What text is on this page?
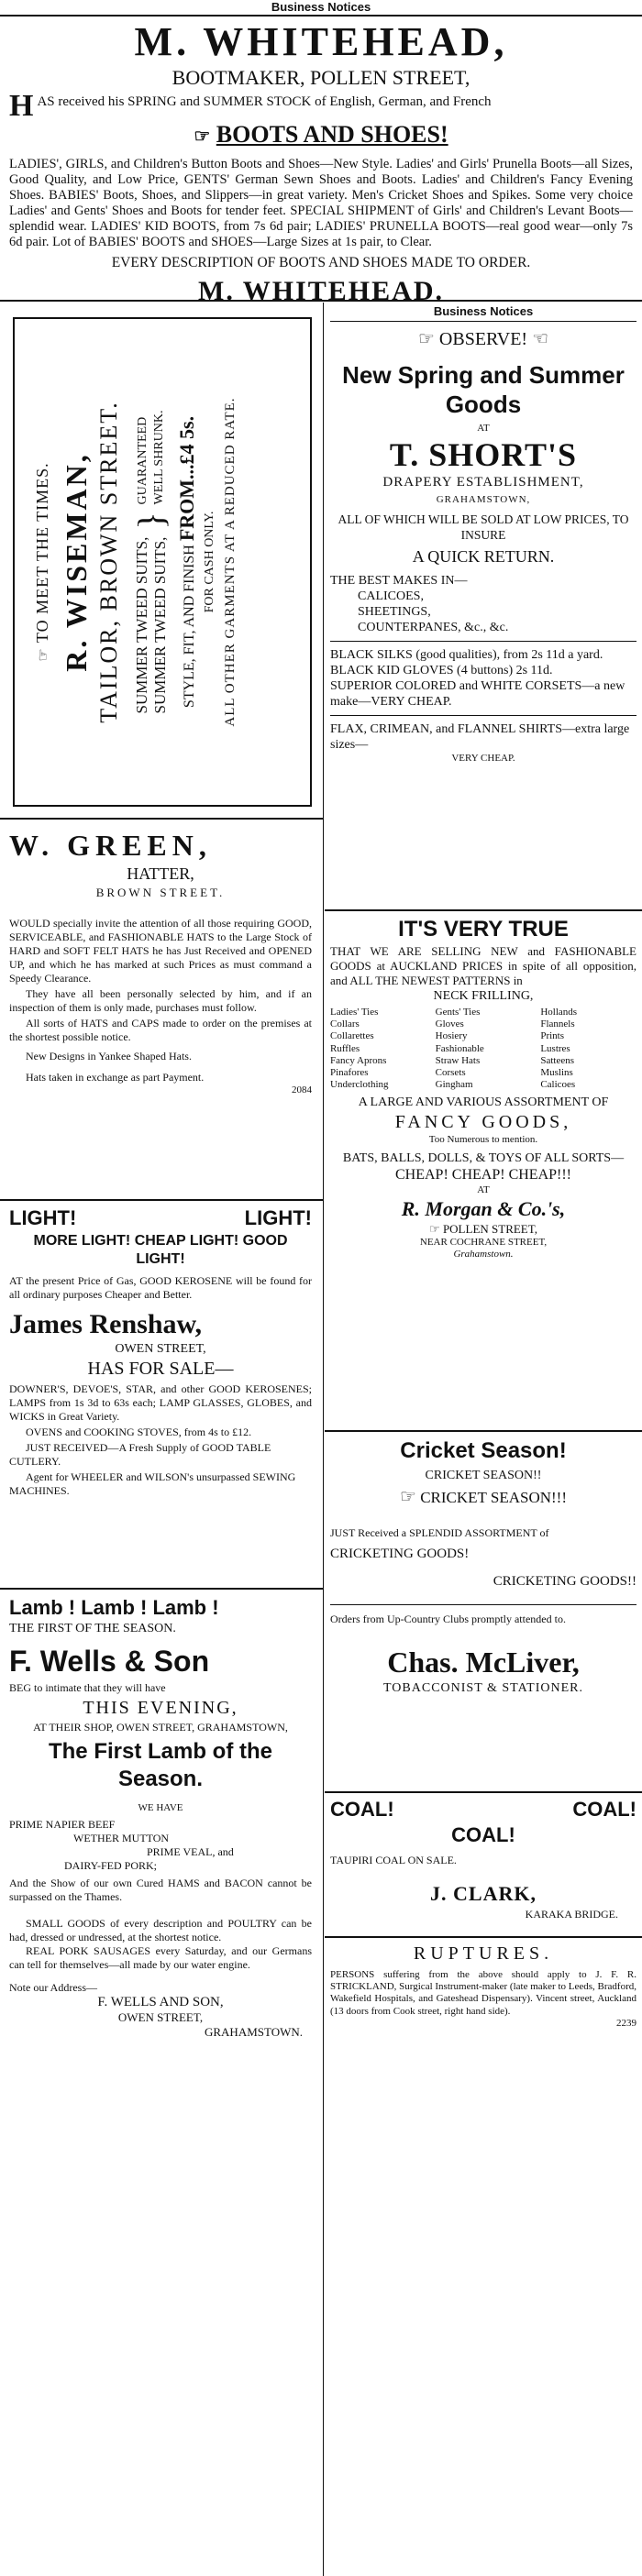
Business Notices
M. WHITEHEAD,
BOOTMAKER, POLLEN STREET,
H AS received his SPRING and SUMMER STOCK of English, German, and French
☞ BOOTS AND SHOES!
LADIES', GIRLS, and Children's Button Boots and Shoes—New Style. Ladies' and Girls' Prunella Boots—all Sizes, Good Quality, and Low Price, GENTS' German Sewn Shoes and Boots. Ladies' and Children's Fancy Evening Shoes. BABIES' Boots, Shoes, and Slippers—in great variety. Men's Cricket Shoes and Spikes. Some very choice Ladies' and Gents' Shoes and Boots for tender feet. SPECIAL SHIPMENT of Girls' and Children's Levant Boots—splendid wear. LADIES' KID BOOTS, from 7s 6d pair; LADIES' PRUNELLA BOOTS—real good wear—only 7s 6d pair. Lot of BABIES' BOOTS and SHOES—Large Sizes at 1s pair, to Clear.
EVERY DESCRIPTION OF BOOTS AND SHOES MADE TO ORDER.
M. WHITEHEAD.
☞ TO MEET THE TIMES. R. WISEMAN, TAILOR, BROWN STREET. SUMMER TWEED SUITS, SUMMER TWEED SUITS,
}
GUARANTEED WELL SHRUNK.
STYLE, FIT, AND FINISH FROM...£4 5s.
FOR CASH ONLY. ALL OTHER GARMENTS AT A REDUCED RATE.
W. GREEN,
HATTER,
BROWN STREET.
WOULD specially invite the attention of all those requiring GOOD, SERVICEABLE, and FASHIONABLE HATS to the Large Stock of HARD and SOFT FELT HATS he has Just Received and OPENED UP, and which he has marked at such Prices as must command a Speedy Clearance.
They have all been personally selected by him, and if an inspection of them is only made, purchases must follow.
All sorts of HATS and CAPS made to order on the premises at the shortest possible notice.
New Designs in Yankee Shaped Hats.
Hats taken in exchange as part Payment.
2084
LIGHT!	LIGHT!
MORE LIGHT! CHEAP LIGHT! GOOD LIGHT!
AT the present Price of Gas, GOOD KEROSENE will be found for all ordinary purposes Cheaper and Better.
James Renshaw,
OWEN STREET,
HAS FOR SALE—
DOWNER'S, DEVOE'S, STAR, and other GOOD KEROSENES; LAMPS from 1s 3d to 63s each; LAMP GLASSES, GLOBES, and WICKS in Great Variety.
OVENS and COOKING STOVES, from 4s to £12.
JUST RECEIVED—A Fresh Supply of GOOD TABLE CUTLERY.
Agent for WHEELER and WILSON's unsurpassed SEWING MACHINES.
Lamb ! Lamb ! Lamb !
THE FIRST OF THE SEASON.
F. Wells & Son
BEG to intimate that they will have
THIS EVENING,
AT THEIR SHOP, OWEN STREET, GRAHAMSTOWN,
The First Lamb of the Season.
WE HAVE
PRIME NAPIER BEEF
WETHER MUTTON
PRIME VEAL, and
DAIRY-FED PORK;
And the Show of our own Cured HAMS and BACON cannot be surpassed on the Thames.
SMALL GOODS of every description and POULTRY can be had, dressed or undressed, at the shortest notice.
REAL PORK SAUSAGES every Saturday, and our Germans can tell for themselves—all made by our water engine.
Note our Address—
F. WELLS AND SON,
OWEN STREET,
GRAHAMSTOWN.
Business Notices
☞ OBSERVE! ☜
New Spring and Summer Goods
AT
T. SHORT'S
DRAPERY ESTABLISHMENT,
GRAHAMSTOWN,
ALL OF WHICH WILL BE SOLD AT LOW PRICES, TO INSURE
A QUICK RETURN.
THE BEST MAKES IN—
CALICOES,
SHEETINGS,
COUNTERPANES, &c., &c.
BLACK SILKS (good qualities), from 2s 11d a yard.
BLACK KID GLOVES (4 buttons) 2s 11d.
SUPERIOR COLORED and WHITE CORSETS—a new make—VERY CHEAP.
FLAX, CRIMEAN, and FLANNEL SHIRTS—extra large sizes—
VERY CHEAP.
IT'S VERY TRUE
THAT WE ARE SELLING NEW and FASHIONABLE GOODS at AUCKLAND PRICES in spite of all opposition, and ALL THE NEWEST PATTERNS in
NECK FRILLING,
Ladies' Ties
Collars
Collarettes
Ruffles
Fancy Aprons
Pinafores
Underclothing
Gents' Ties
Gloves
Hosiery
Fashionable
Straw Hats
Corsets
Gingham
Hollands
Flannels
Prints
Lustres
Satteens
Muslins
Calicoes
A LARGE AND VARIOUS ASSORTMENT OF
FANCY GOODS,
Too Numerous to mention.
BATS, BALLS, DOLLS, & TOYS OF ALL SORTS—
CHEAP! CHEAP! CHEAP!!!
AT
R. Morgan & Co.'s,
☞ POLLEN STREET,
NEAR COCHRANE STREET,
Grahamstown.
Cricket Season!
CRICKET SEASON!!
☞ CRICKET SEASON!!!
JUST Received a SPLENDID ASSORTMENT of
CRICKETING GOODS!
CRICKETING GOODS!!
Orders from Up-Country Clubs promptly attended to.
Chas. McLiver,
TOBACCONIST & STATIONER.
COAL!	COAL!
COAL!
TAUPIRI COAL ON SALE.
J. CLARK,
KARAKA BRIDGE.
RUPTURES.
PERSONS suffering from the above should apply to J. F. R. STRICKLAND, Surgical Instrument-maker (late maker to Leeds, Bradford, Wakefield Hospitals, and Gateshead Dispensary). Vincent street, Auckland (13 doors from Cook street, right hand side).
2239
